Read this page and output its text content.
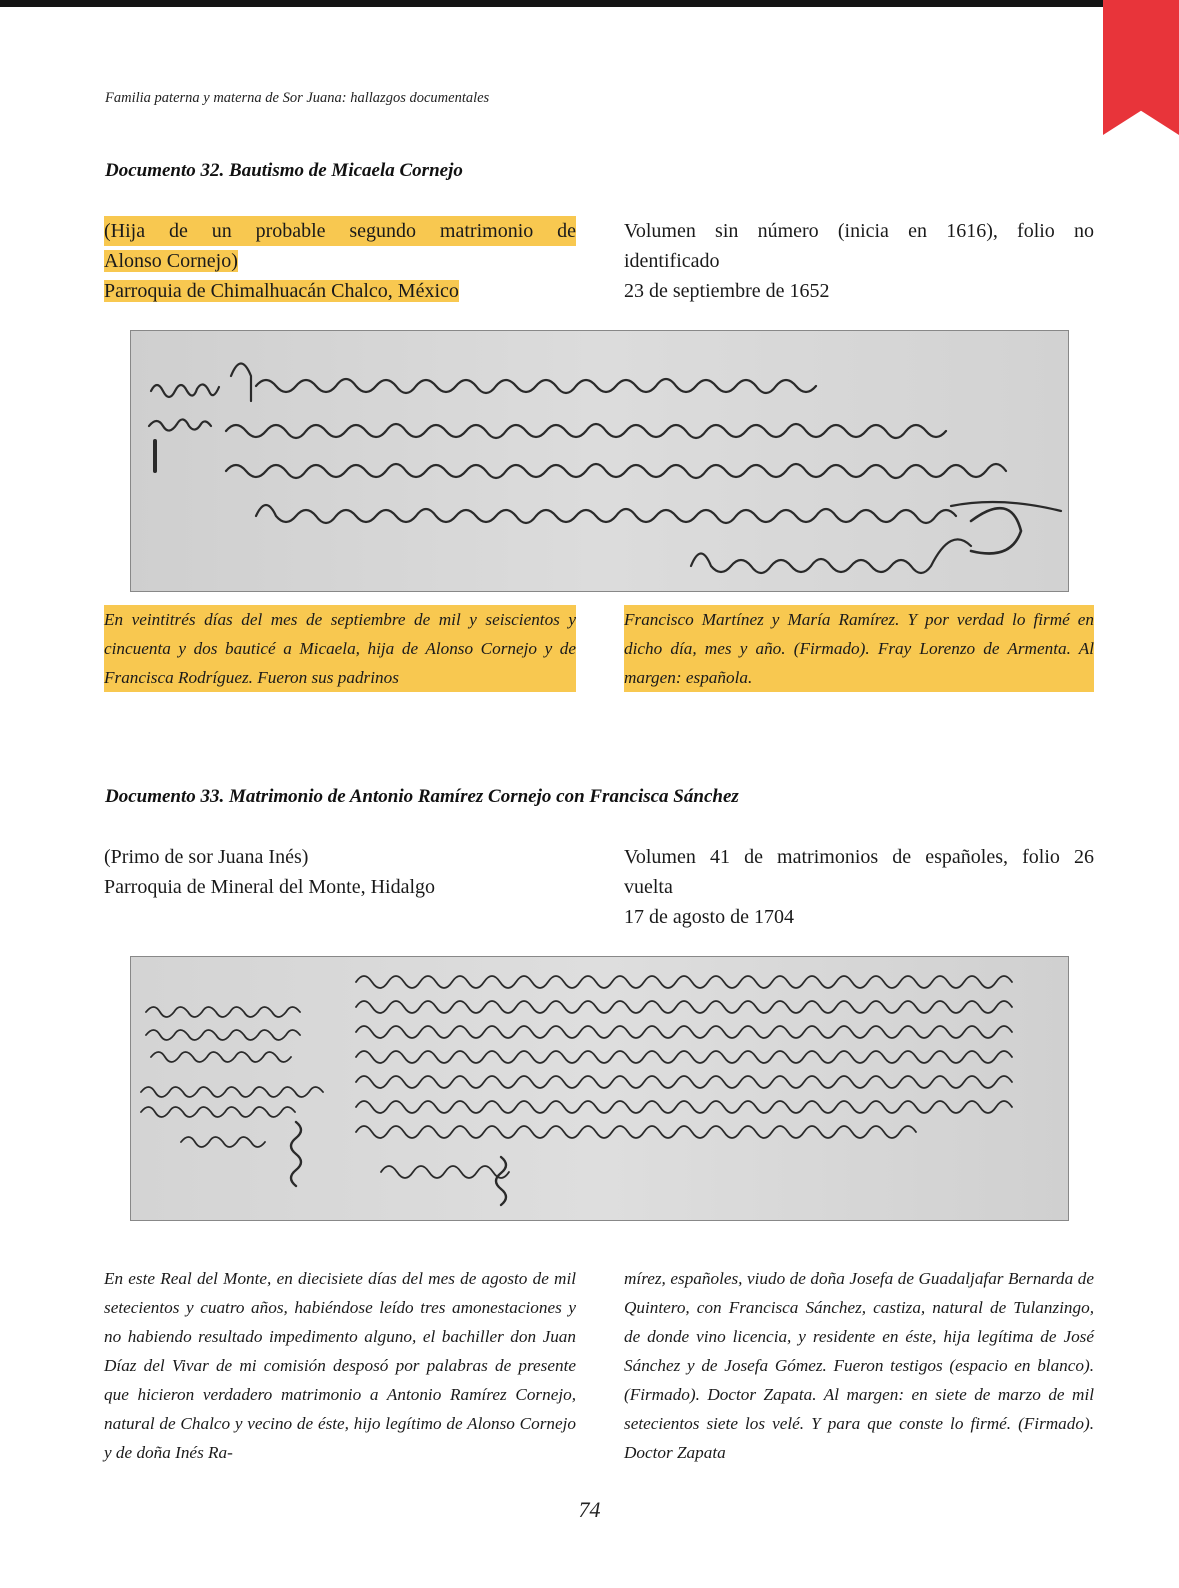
Familia paterna y materna de Sor Juana: hallazgos documentales
Documento 32. Bautismo de Micaela Cornejo
(Hija de un probable segundo matrimonio de
Alonso Cornejo)
Parroquia de Chimalhuacán Chalco, México
Volumen sin número (inicia en 1616), folio no
identificado
23 de septiembre de 1652
En veintitrés días del mes de septiembre de mil y seiscientos y cincuenta y dos bauticé a Micaela, hija de Alonso Cornejo y de Francisca Rodríguez. Fueron sus padrinos
Francisco Martínez y María Ramírez. Y por verdad lo firmé en dicho día, mes y año. (Firmado). Fray Lorenzo de Armenta. Al margen: española.
Documento 33. Matrimonio de Antonio Ramírez Cornejo con Francisca Sánchez
(Primo de sor Juana Inés)
Parroquia de Mineral del Monte, Hidalgo
Volumen 41 de matrimonios de españoles, folio 26
vuelta
17 de agosto de 1704
En este Real del Monte, en diecisiete días del mes de agosto de mil setecientos y cuatro años, habiéndose leído tres amonestaciones y no habiendo resultado impedimento alguno, el bachiller don Juan Díaz del Vivar de mi comisión desposó por palabras de presente que hicieron verdadero matrimonio a Antonio Ramírez Cornejo, natural de Chalco y vecino de éste, hijo legítimo de Alonso Cornejo y de doña Inés Ra-
mírez, españoles, viudo de doña Josefa de Guadaljafar Bernarda de Quintero, con Francisca Sánchez, castiza, natural de Tulanzingo, de donde vino licencia, y residente en éste, hija legítima de José Sánchez y de Josefa Gómez. Fueron testigos (espacio en blanco). (Firmado). Doctor Zapata. Al margen: en siete de marzo de mil setecientos siete los velé. Y para que conste lo firmé. (Firmado). Doctor Zapata
74
